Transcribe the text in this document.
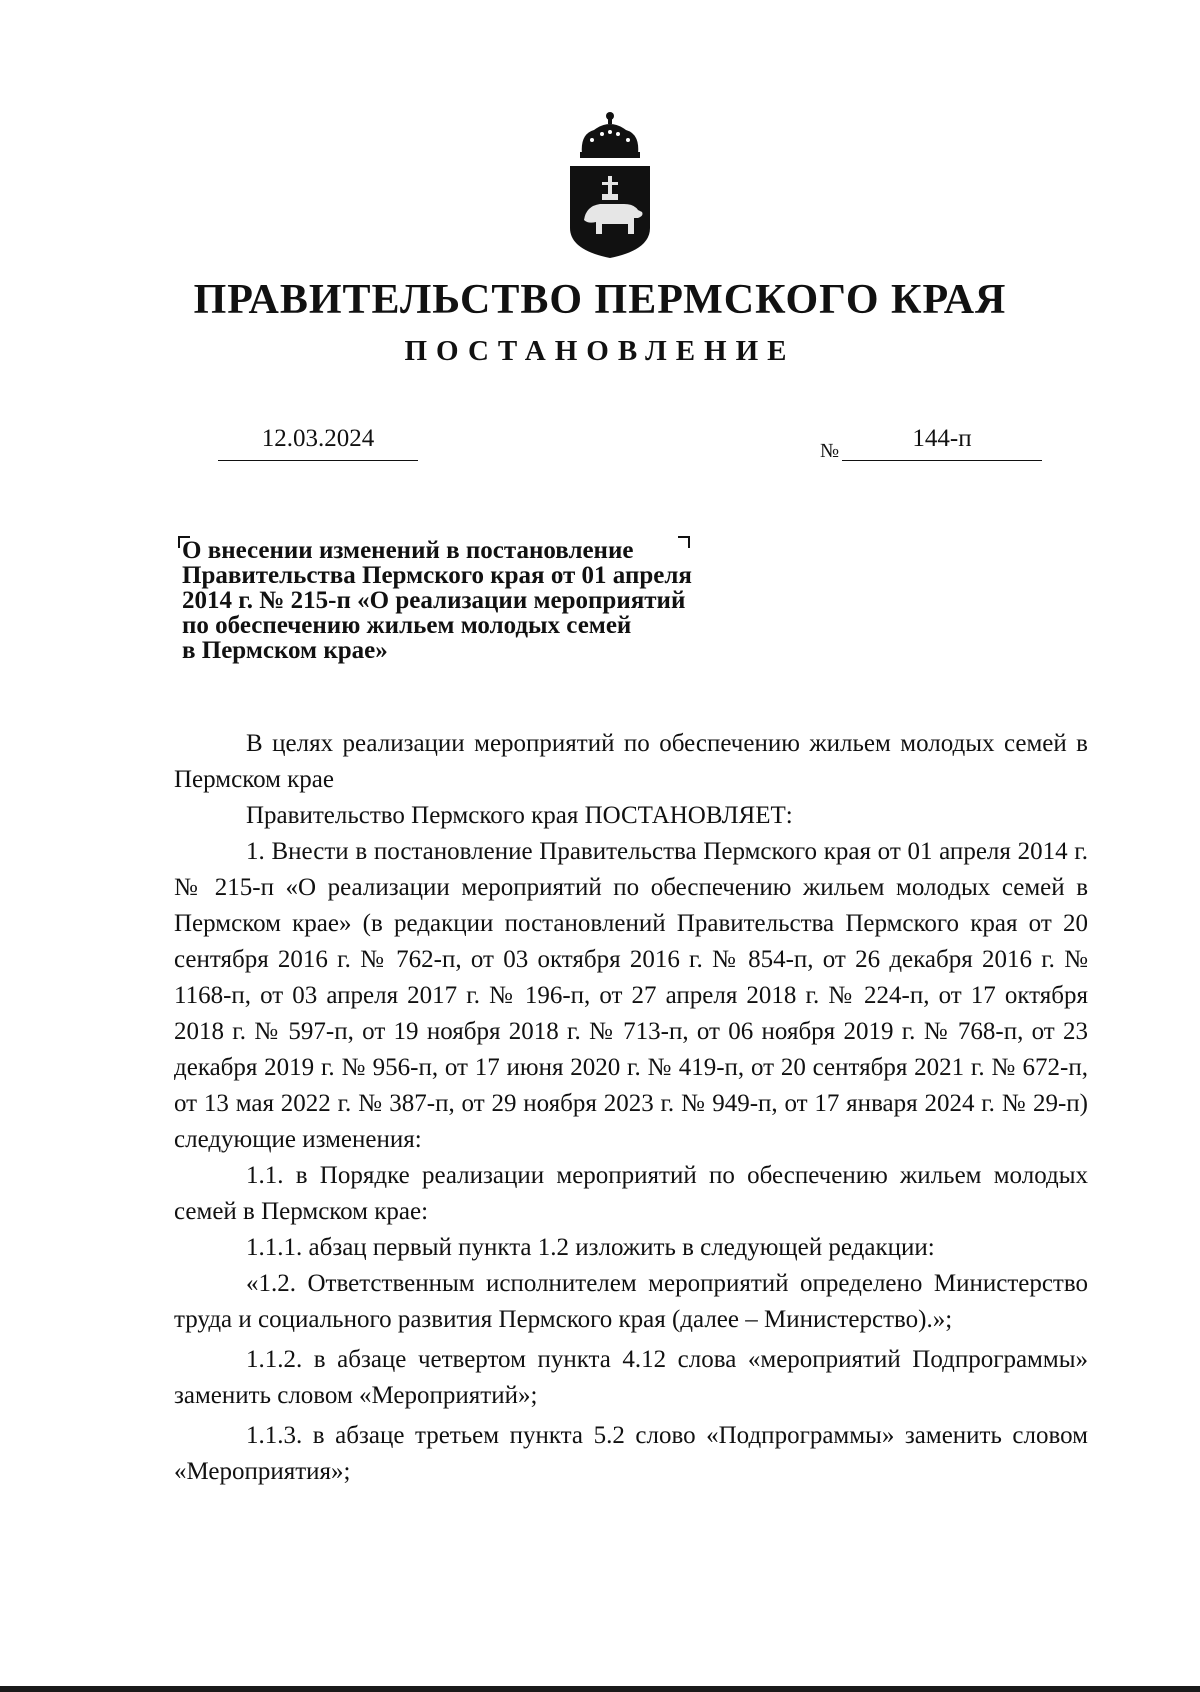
ПРАВИТЕЛЬСТВО ПЕРМСКОГО КРАЯ
ПОСТАНОВЛЕНИЕ
12.03.2024	№	144-п
О внесении изменений в постановление
Правительства Пермского края от 01 апреля
2014 г. № 215-п «О реализации мероприятий
по обеспечению жильем молодых семей
в Пермском крае»

В целях реализации мероприятий по обеспечению жильем молодых семей в Пермском крае

Правительство Пермского края ПОСТАНОВЛЯЕТ:

1. Внести в постановление Правительства Пермского края от 01 апреля 2014 г. № 215-п «О реализации мероприятий по обеспечению жильем молодых семей в Пермском крае» (в редакции постановлений Правительства Пермского края от 20 сентября 2016 г. № 762-п, от 03 октября 2016 г. № 854-п, от 26 декабря 2016 г. № 1168-п, от 03 апреля 2017 г. № 196-п, от 27 апреля 2018 г. № 224-п, от 17 октября 2018 г. № 597-п, от 19 ноября 2018 г. № 713-п, от 06 ноября 2019 г. № 768-п, от 23 декабря 2019 г. № 956-п, от 17 июня 2020 г. № 419-п, от 20 сентября 2021 г. № 672-п, от 13 мая 2022 г. № 387-п, от 29 ноября 2023 г. № 949-п, от 17 января 2024 г. № 29-п) следующие изменения:

1.1. в Порядке реализации мероприятий по обеспечению жильем молодых семей в Пермском крае:

1.1.1. абзац первый пункта 1.2 изложить в следующей редакции:

«1.2. Ответственным исполнителем мероприятий определено Министерство труда и социального развития Пермского края (далее – Министерство).»;

1.1.2. в абзаце четвертом пункта 4.12 слова «мероприятий Подпрограммы» заменить словом «Мероприятий»;

1.1.3. в абзаце третьем пункта 5.2 слово «Подпрограммы» заменить словом «Мероприятия»;
